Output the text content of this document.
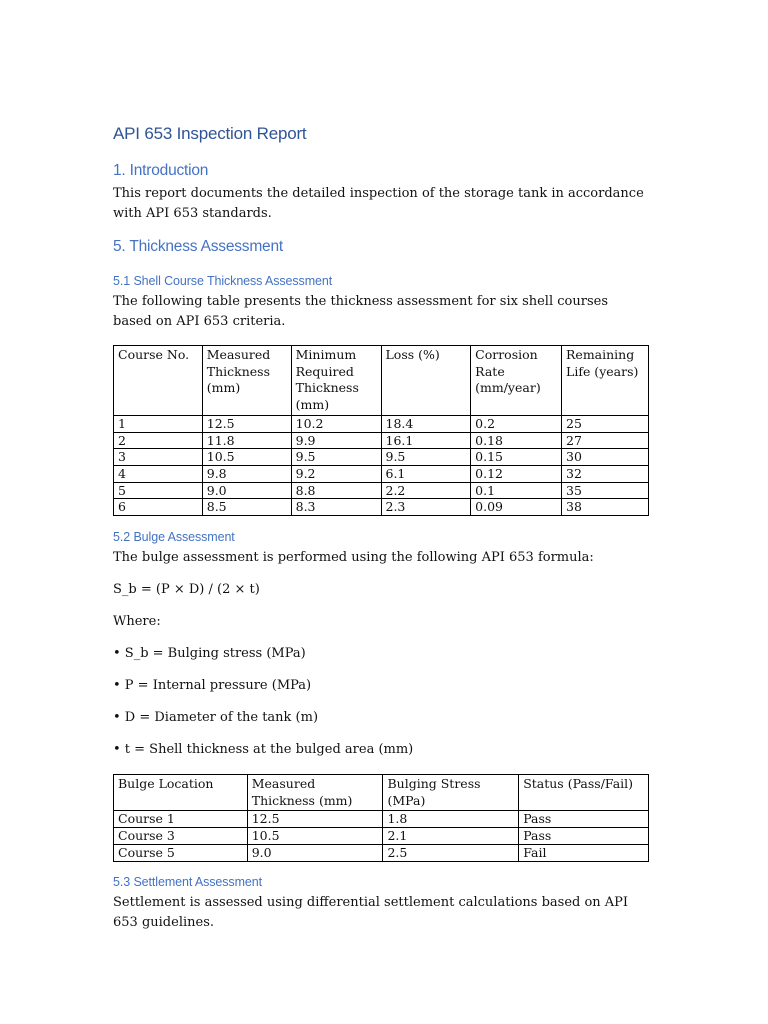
API 653 Inspection Report
1. Introduction
This report documents the detailed inspection of the storage tank in accordance with API 653 standards.
5. Thickness Assessment
5.1 Shell Course Thickness Assessment
The following table presents the thickness assessment for six shell courses based on API 653 criteria.
Course No.	Measured Thickness (mm)	Minimum Required Thickness (mm)	Loss (%)	Corrosion Rate (mm/year)	Remaining Life (years)
1	12.5	10.2	18.4	0.2	25
2	11.8	9.9	16.1	0.18	27
3	10.5	9.5	9.5	0.15	30
4	9.8	9.2	6.1	0.12	32
5	9.0	8.8	2.2	0.1	35
6	8.5	8.3	2.3	0.09	38
5.2 Bulge Assessment
The bulge assessment is performed using the following API 653 formula:
S_b = (P × D) / (2 × t)
Where:
• S_b = Bulging stress (MPa)
• P = Internal pressure (MPa)
• D = Diameter of the tank (m)
• t = Shell thickness at the bulged area (mm)
Bulge Location	Measured Thickness (mm)	Bulging Stress (MPa)	Status (Pass/Fail)
Course 1	12.5	1.8	Pass
Course 3	10.5	2.1	Pass
Course 5	9.0	2.5	Fail
5.3 Settlement Assessment
Settlement is assessed using differential settlement calculations based on API 653 guidelines.
